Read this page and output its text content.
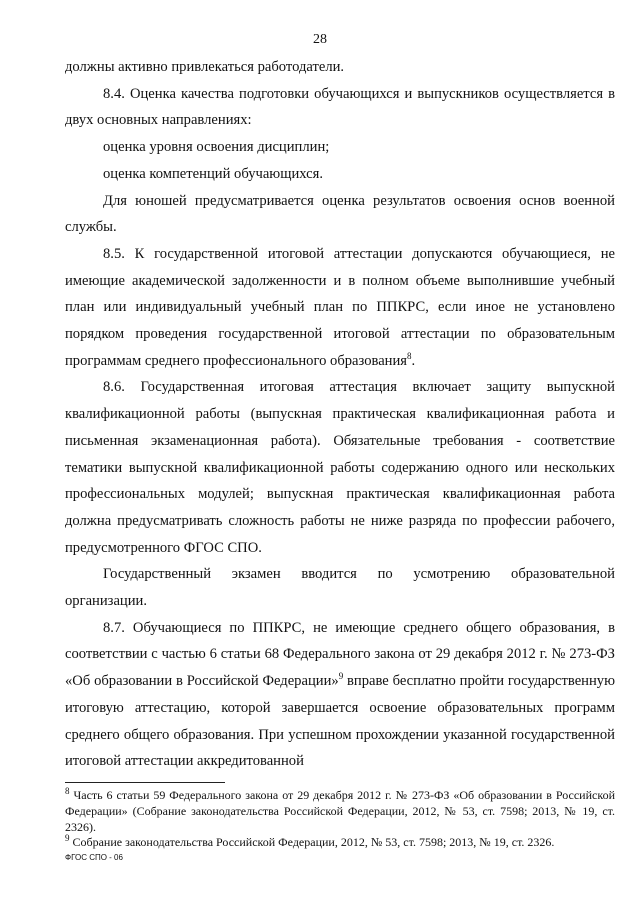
28

должны активно привлекаться работодатели.

8.4. Оценка качества подготовки обучающихся и выпускников осуществляется в двух основных направлениях:

оценка уровня освоения дисциплин;

оценка компетенций обучающихся.

Для юношей предусматривается оценка результатов освоения основ военной службы.

8.5. К государственной итоговой аттестации допускаются обучающиеся, не имеющие академической задолженности и в полном объеме выполнившие учебный план или индивидуальный учебный план по ППКРС, если иное не установлено порядком проведения государственной итоговой аттестации по образовательным программам среднего профессионального образования$^8$.

8.6. Государственная итоговая аттестация включает защиту выпускной квалификационной работы (выпускная практическая квалификационная работа и письменная экзаменационная работа). Обязательные требования - соответствие тематики выпускной квалификационной работы содержанию одного или нескольких профессиональных модулей; выпускная практическая квалификационная работа должна предусматривать сложность работы не ниже разряда по профессии рабочего, предусмотренного ФГОС СПО.

Государственный экзамен вводится по усмотрению образовательной организации.

8.7. Обучающиеся по ППКРС, не имеющие среднего общего образования, в соответствии с частью 6 статьи 68 Федерального закона от 29 декабря 2012 г. № 273-ФЗ «Об образовании в Российской Федерации»$^9$ вправе бесплатно пройти государственную итоговую аттестацию, которой завершается освоение образовательных программ среднего общего образования. При успешном прохождении указанной государственной итоговой аттестации аккредитованной

$^8$ Часть 6 статьи 59 Федерального закона от 29 декабря 2012 г. № 273-ФЗ «Об образовании в Российской Федерации» (Собрание законодательства Российской Федерации, 2012, № 53, ст. 7598; 2013, № 19, ст. 2326).

$^9$ Собрание законодательства Российской Федерации, 2012, № 53, ст. 7598; 2013, № 19, ст. 2326.

ФГОС СПО - 06
